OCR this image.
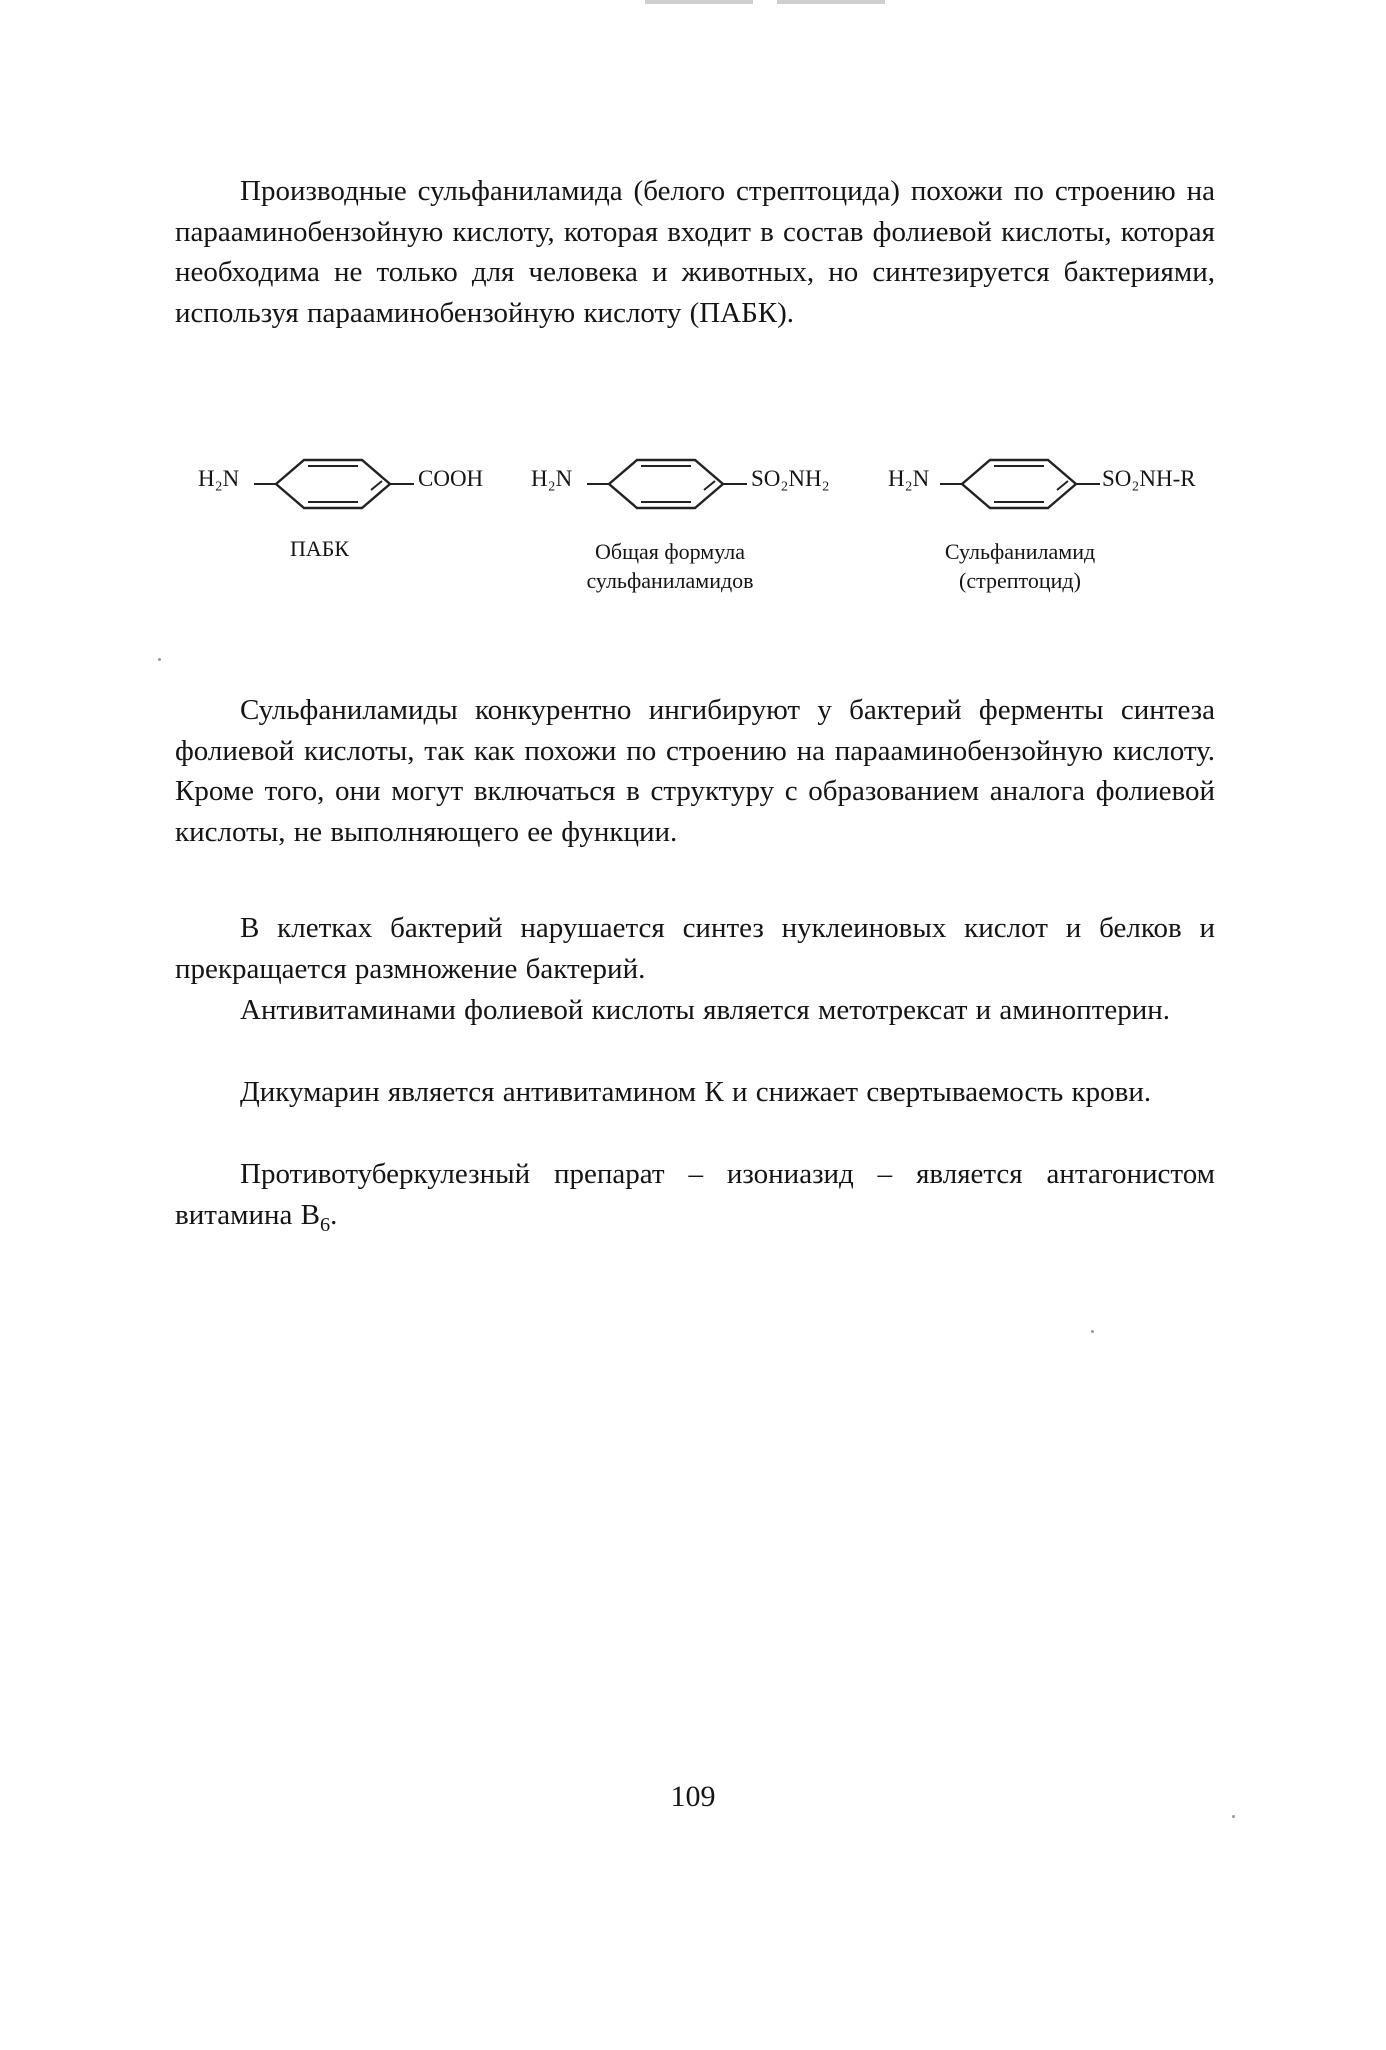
Производные сульфаниламида (белого стрептоцида) похожи по строению на парааминобензойную кислоту, которая входит в состав фолиевой кислоты, которая необходима не только для человека и животных, но синтезируется бактериями, используя парааминобензойную кислоту (ПАБК).

H₂N	COOH H₂N	SO₂NH₂	H₂N	SO₂NH-R
ПАБК	Общая формула
сульфаниламидов
Сульфаниламид
(стрептоцид)

Сульфаниламиды конкурентно ингибируют у бактерий ферменты синтеза фолиевой кислоты, так как похожи по строению на парааминобензойную кислоту. Кроме того, они могут включаться в структуру с образованием аналога фолиевой кислоты, не выполняющего ее функции.

В клетках бактерий нарушается синтез нуклеиновых кислот и белков и прекращается размножение бактерий.

Антивитаминами фолиевой кислоты является метотрексат и аминоптерин.

Дикумарин является антивитамином К и снижает свертываемость крови.

Противотуберкулезный препарат – изониазид – является антагонистом витамина $B_6$.

109
